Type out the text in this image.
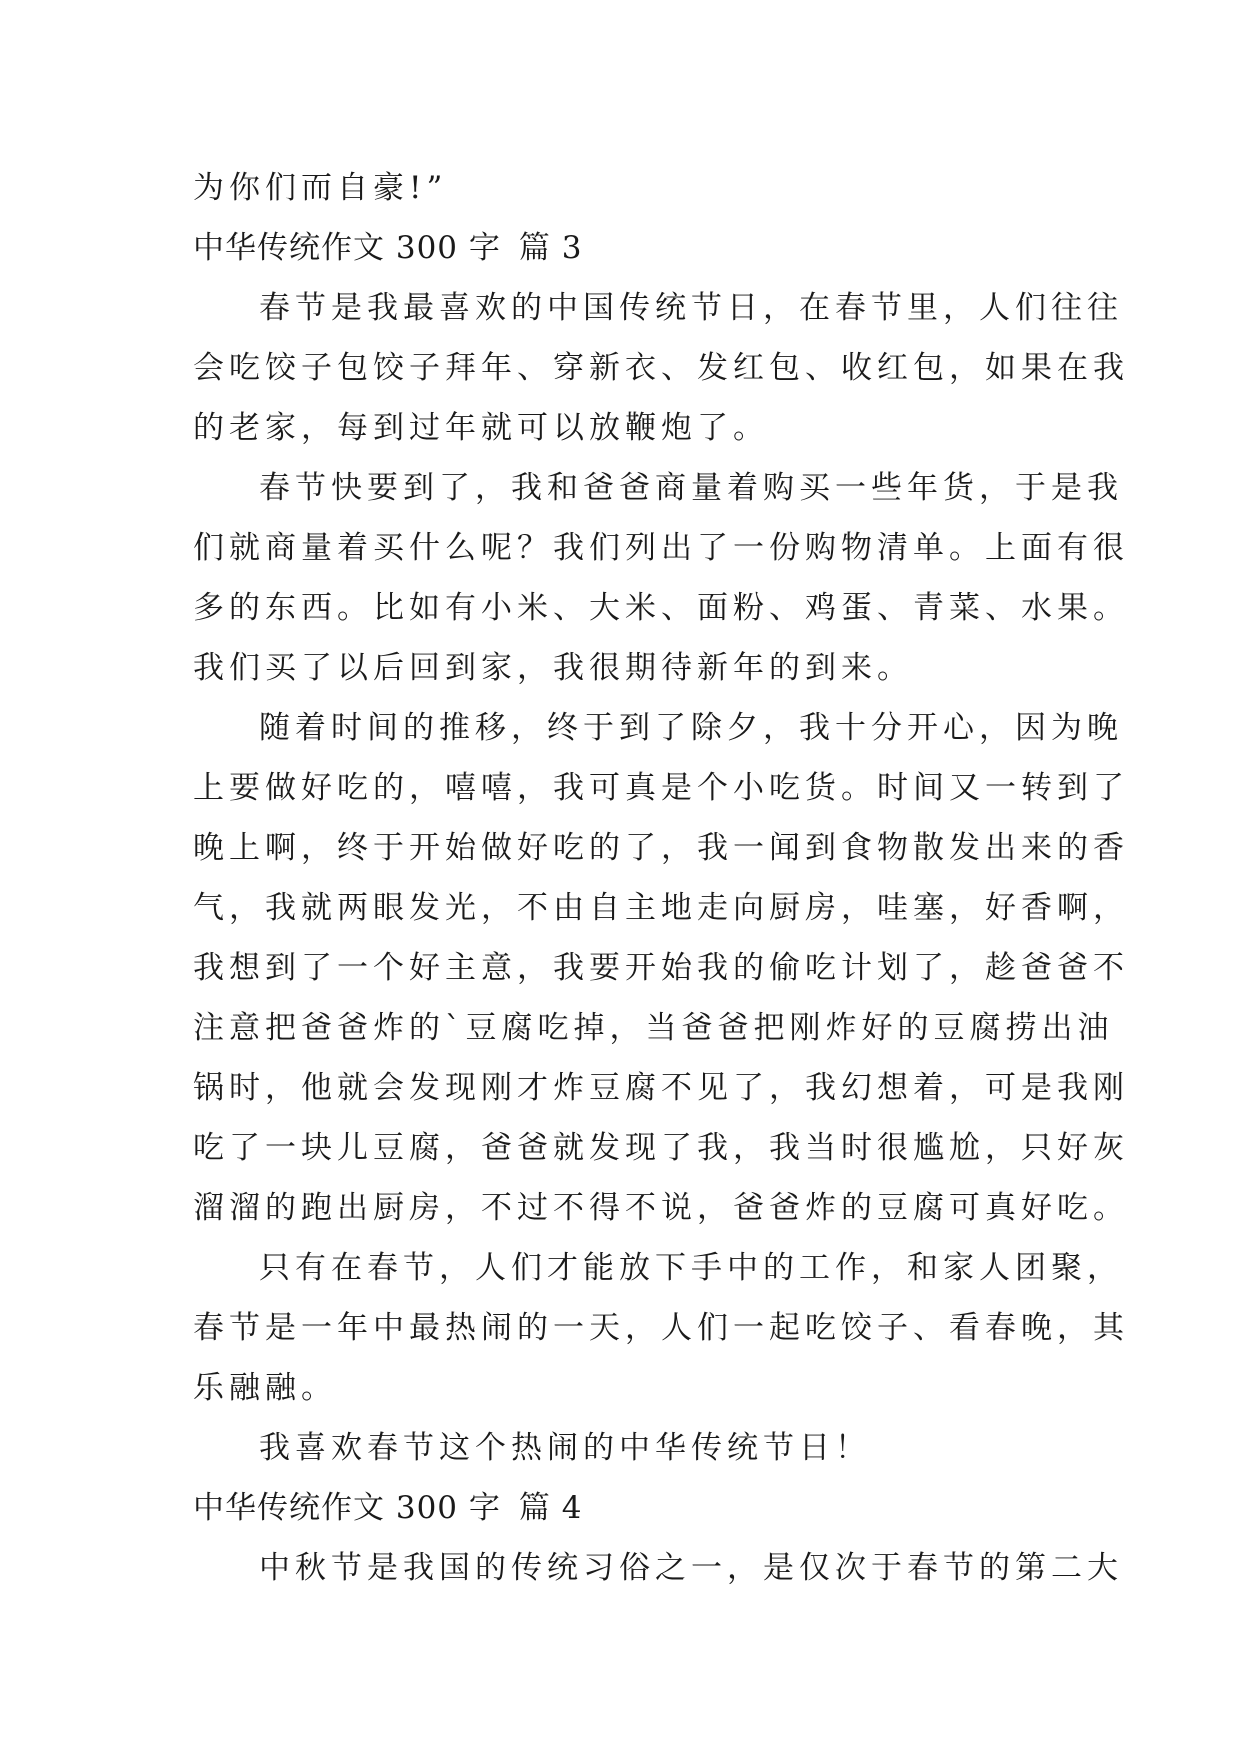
为你们而自豪!”
中华传统作文 300 字 篇 3
春节是我最喜欢的中国传统节日，在春节里，人们往往
会吃饺子包饺子拜年、穿新衣、发红包、收红包，如果在我
的老家，每到过年就可以放鞭炮了。
春节快要到了，我和爸爸商量着购买一些年货，于是我
们就商量着买什么呢？我们列出了一份购物清单。上面有很
多的东西。比如有小米、大米、面粉、鸡蛋、青菜、水果。
我们买了以后回到家，我很期待新年的到来。
随着时间的推移，终于到了除夕，我十分开心，因为晚
上要做好吃的，嘻嘻，我可真是个小吃货。时间又一转到了
晚上啊，终于开始做好吃的了，我一闻到食物散发出来的香
气，我就两眼发光，不由自主地走向厨房，哇塞，好香啊，
我想到了一个好主意，我要开始我的偷吃计划了，趁爸爸不
注意把爸爸炸的`豆腐吃掉，当爸爸把刚炸好的豆腐捞出油
锅时，他就会发现刚才炸豆腐不见了，我幻想着，可是我刚
吃了一块儿豆腐，爸爸就发现了我，我当时很尴尬，只好灰
溜溜的跑出厨房，不过不得不说，爸爸炸的豆腐可真好吃。
只有在春节，人们才能放下手中的工作，和家人团聚，
春节是一年中最热闹的一天，人们一起吃饺子、看春晚，其
乐融融。
我喜欢春节这个热闹的中华传统节日！
中华传统作文 300 字 篇 4
中秋节是我国的传统习俗之一，是仅次于春节的第二大
